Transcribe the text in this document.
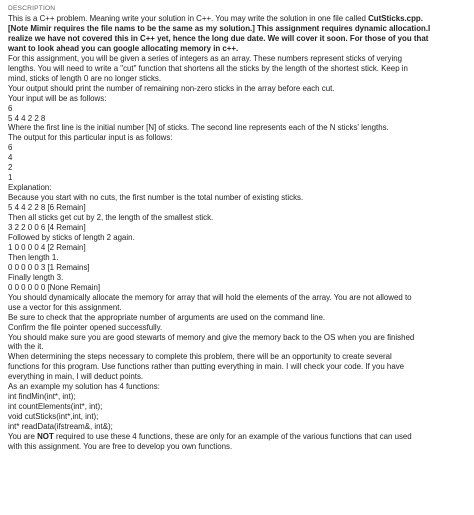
DESCRIPTION
This is a C++ problem. Meaning write your solution in C++. You may write the solution in one file called CutSticks.cpp.
[Note Mimir requires the file nams to be the same as my solution.] This assignment requires dynamic allocation.I
realize we have not covered this in C++ yet, hence the long due date. We will cover it soon. For those of you that
want to look ahead you can google allocating memory in c++.
For this assignment, you will be given a series of integers as an array. These numbers represent sticks of verying
lengths. You will need to write a "cut" function that shortens all the sticks by the length of the shortest stick. Keep in
mind, sticks of length 0 are no longer sticks.
Your output should print the number of remaining non-zero sticks in the array before each cut.
Your input will be as follows:
6
5 4 4 2 2 8
Where the first line is the initial number [N] of sticks. The second line represents each of the N sticks' lengths.
The output for this particular input is as follows:
6
4
2
1
Explanation:
Because you start with no cuts, the first number is the total number of existing sticks.
5 4 4 2 2 8 [6 Remain]
Then all sticks get cut by 2, the length of the smallest stick.
3 2 2 0 0 6 [4 Remain]
Followed by sticks of length 2 again.
1 0 0 0 0 4 [2 Remain]
Then length 1.
0 0 0 0 0 3 [1 Remains]
Finally length 3.
0 0 0 0 0 0 [None Remain]
You should dynamically allocate the memory for array that will hold the elements of the array. You are not allowed to
use a vector for this assignment.
Be sure to check that the appropriate number of arguments are used on the command line.
Confirm the file pointer opened successfully.
You should make sure you are good stewarts of memory and give the memory back to the OS when you are finished
with the it.
When determining the steps necessary to complete this problem, there will be an opportunity to create several
functions for this program. Use functions rather than putting everything in main. I will check your code. If you have
everything in main, I will deduct points.
As an example my solution has 4 functions:
int findMin(int*, int);
int countElements(int*, int);
void cutSticks(int*,int, int);
int* readData(ifstream&, int&);
You are NOT required to use these 4 functions, these are only for an example of the various functions that can used
with this assignment. You are free to develop you own functions.
